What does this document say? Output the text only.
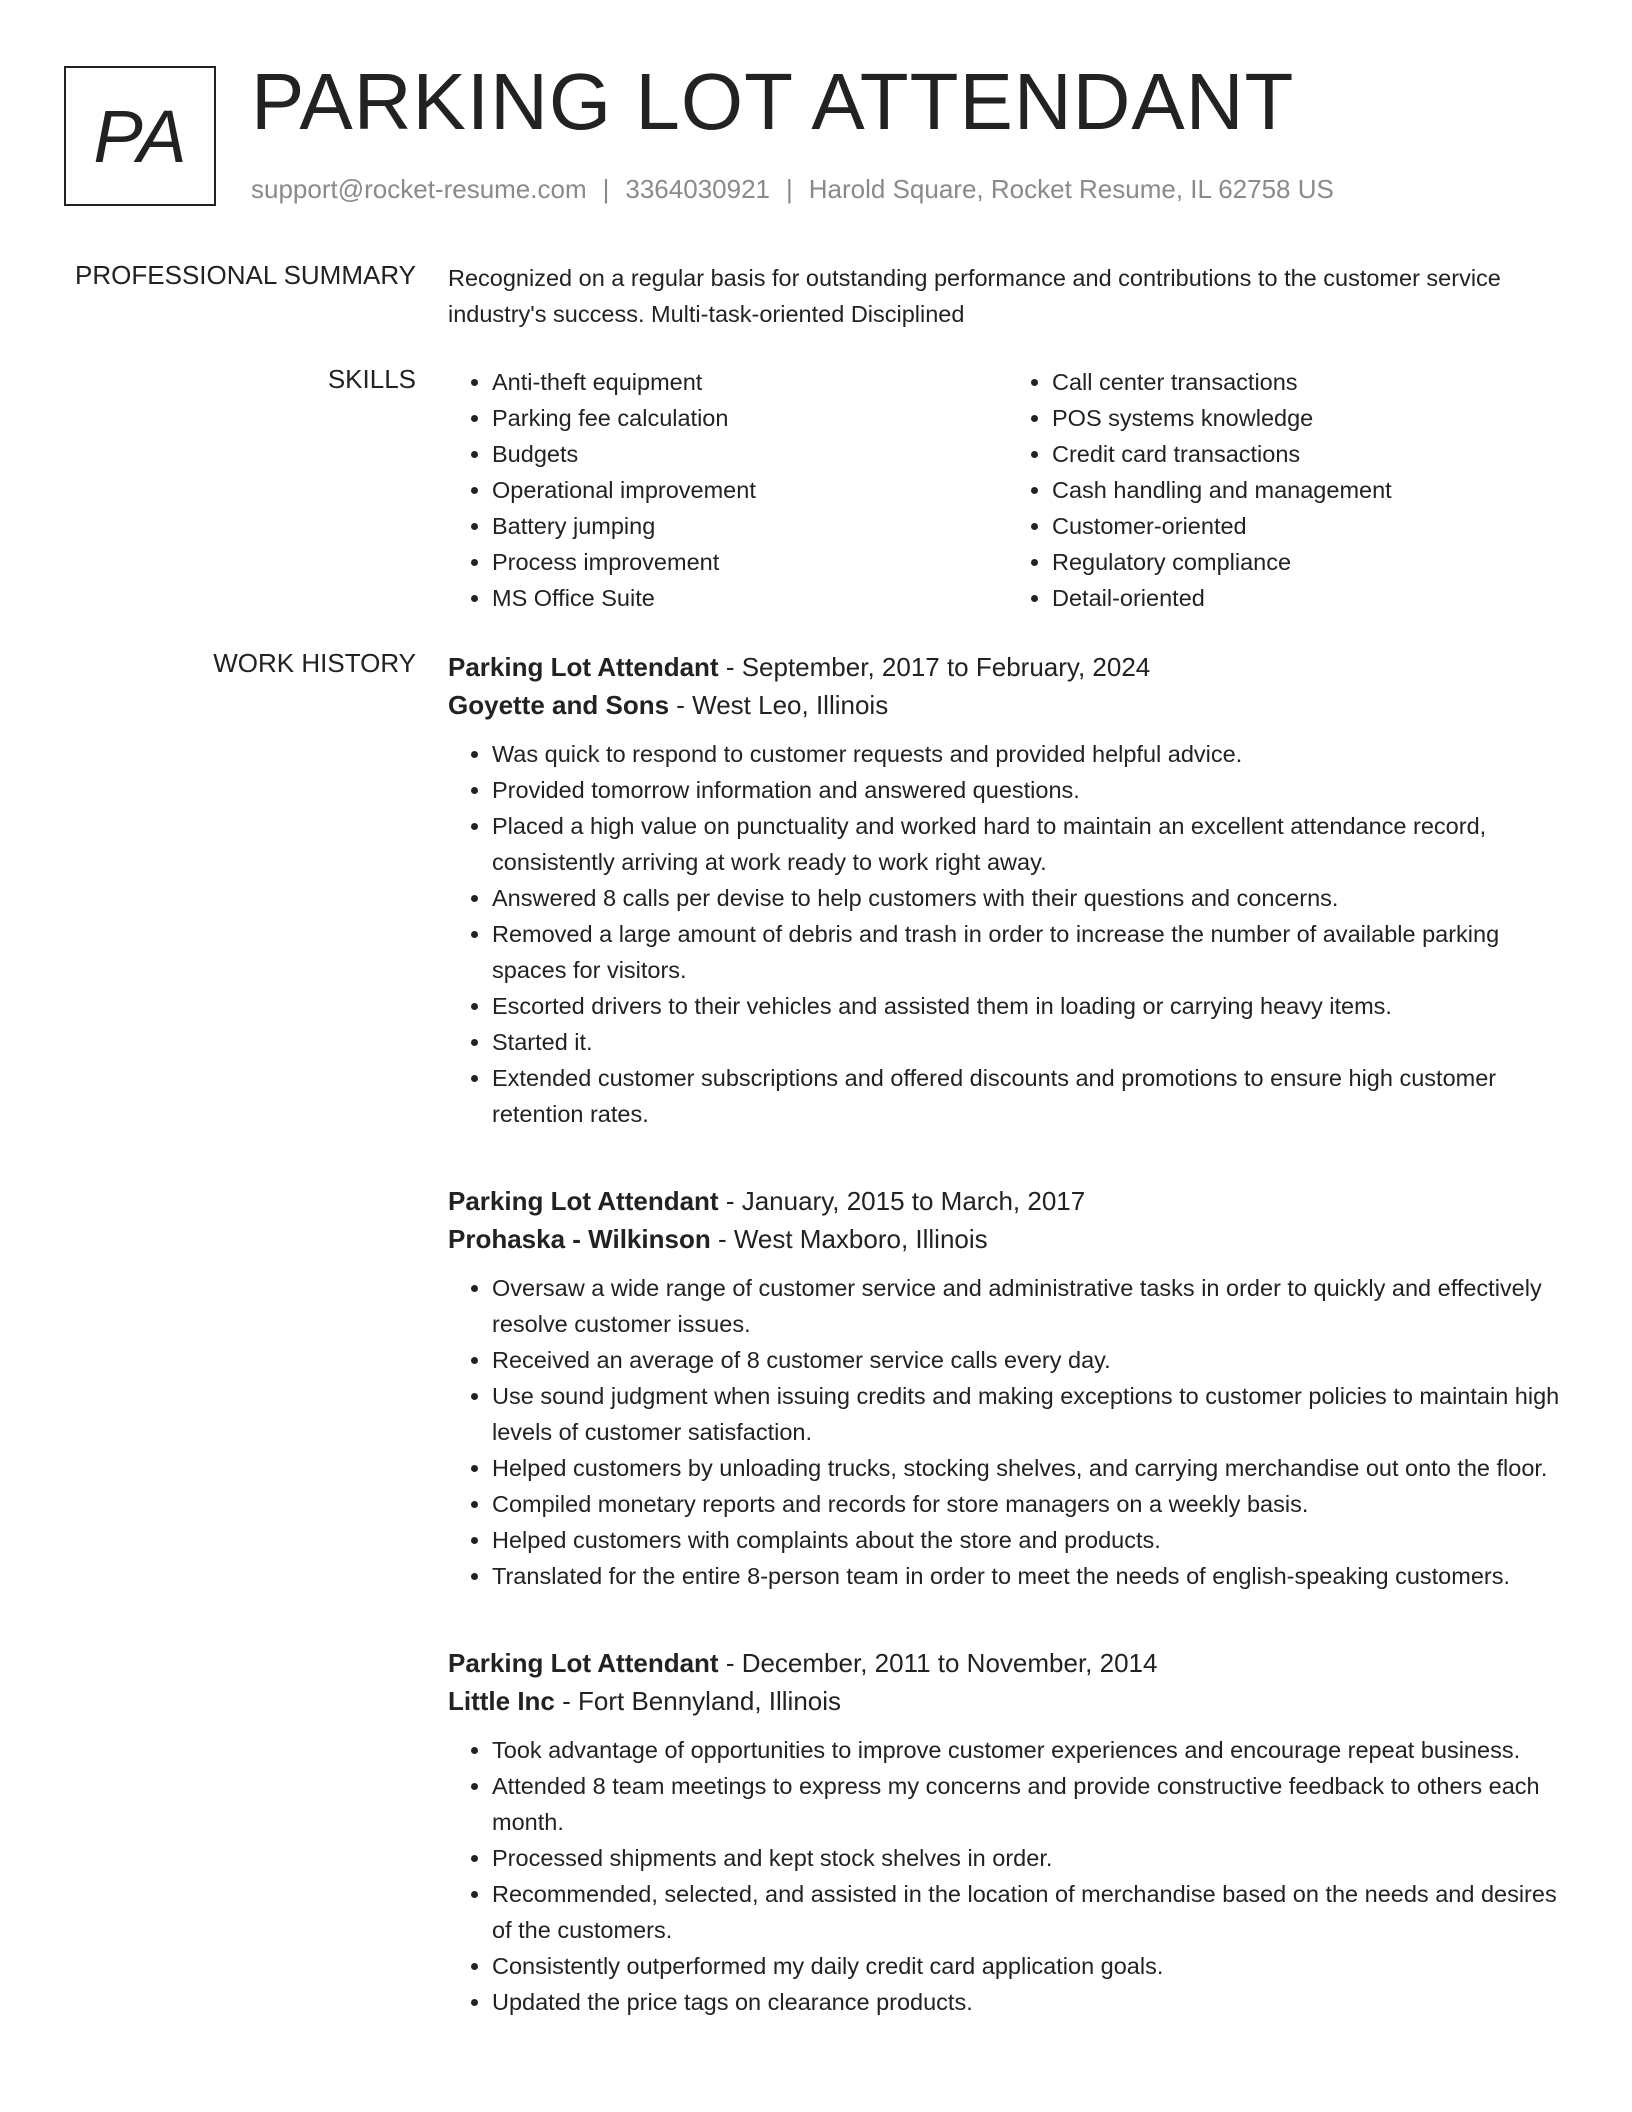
PA PARKING LOT ATTENDANT
support@rocket-resume.com | 3364030921 | Harold Square, Rocket Resume, IL 62758 US
PROFESSIONAL SUMMARY Recognized on a regular basis for outstanding performance and contributions to the customer service industry's success. Multi-task-oriented Disciplined

SKILLS
•	Anti-theft equipment
• Parking fee calculation
• Budgets
• Operational improvement
• Battery jumping
• Process improvement
• MS Office Suite
• Call center transactions
• POS systems knowledge
• Credit card transactions
• Cash handling and management
• Customer-oriented
• Regulatory compliance
• Detail-oriented
WORK HISTORY Parking Lot Attendant - September, 2017 to February, 2024
Goyette and Sons - West Leo, Illinois
• Was quick to respond to customer requests and provided helpful advice.
• Provided tomorrow information and answered questions.
• Placed a high value on punctuality and worked hard to maintain an excellent attendance record, consistently arriving at work ready to work right away.
• Answered 8 calls per devise to help customers with their questions and concerns.
• Removed a large amount of debris and trash in order to increase the number of available parking spaces for visitors.
• Escorted drivers to their vehicles and assisted them in loading or carrying heavy items.
• Started it.
• Extended customer subscriptions and offered discounts and promotions to ensure high customer retention rates.
Parking Lot Attendant - January, 2015 to March, 2017
Prohaska - Wilkinson - West Maxboro, Illinois
• Oversaw a wide range of customer service and administrative tasks in order to quickly and effectively resolve customer issues.
• Received an average of 8 customer service calls every day.
• Use sound judgment when issuing credits and making exceptions to customer policies to maintain high levels of customer satisfaction.
• Helped customers by unloading trucks, stocking shelves, and carrying merchandise out onto the floor.
• Compiled monetary reports and records for store managers on a weekly basis.
• Helped customers with complaints about the store and products.
• Translated for the entire 8-person team in order to meet the needs of english-speaking customers.
Parking Lot Attendant - December, 2011 to November, 2014
Little Inc - Fort Bennyland, Illinois
• Took advantage of opportunities to improve customer experiences and encourage repeat business.
• Attended 8 team meetings to express my concerns and provide constructive feedback to others each month.
• Processed shipments and kept stock shelves in order.
• Recommended, selected, and assisted in the location of merchandise based on the needs and desires of the customers.
• Consistently outperformed my daily credit card application goals.
• Updated the price tags on clearance products.
